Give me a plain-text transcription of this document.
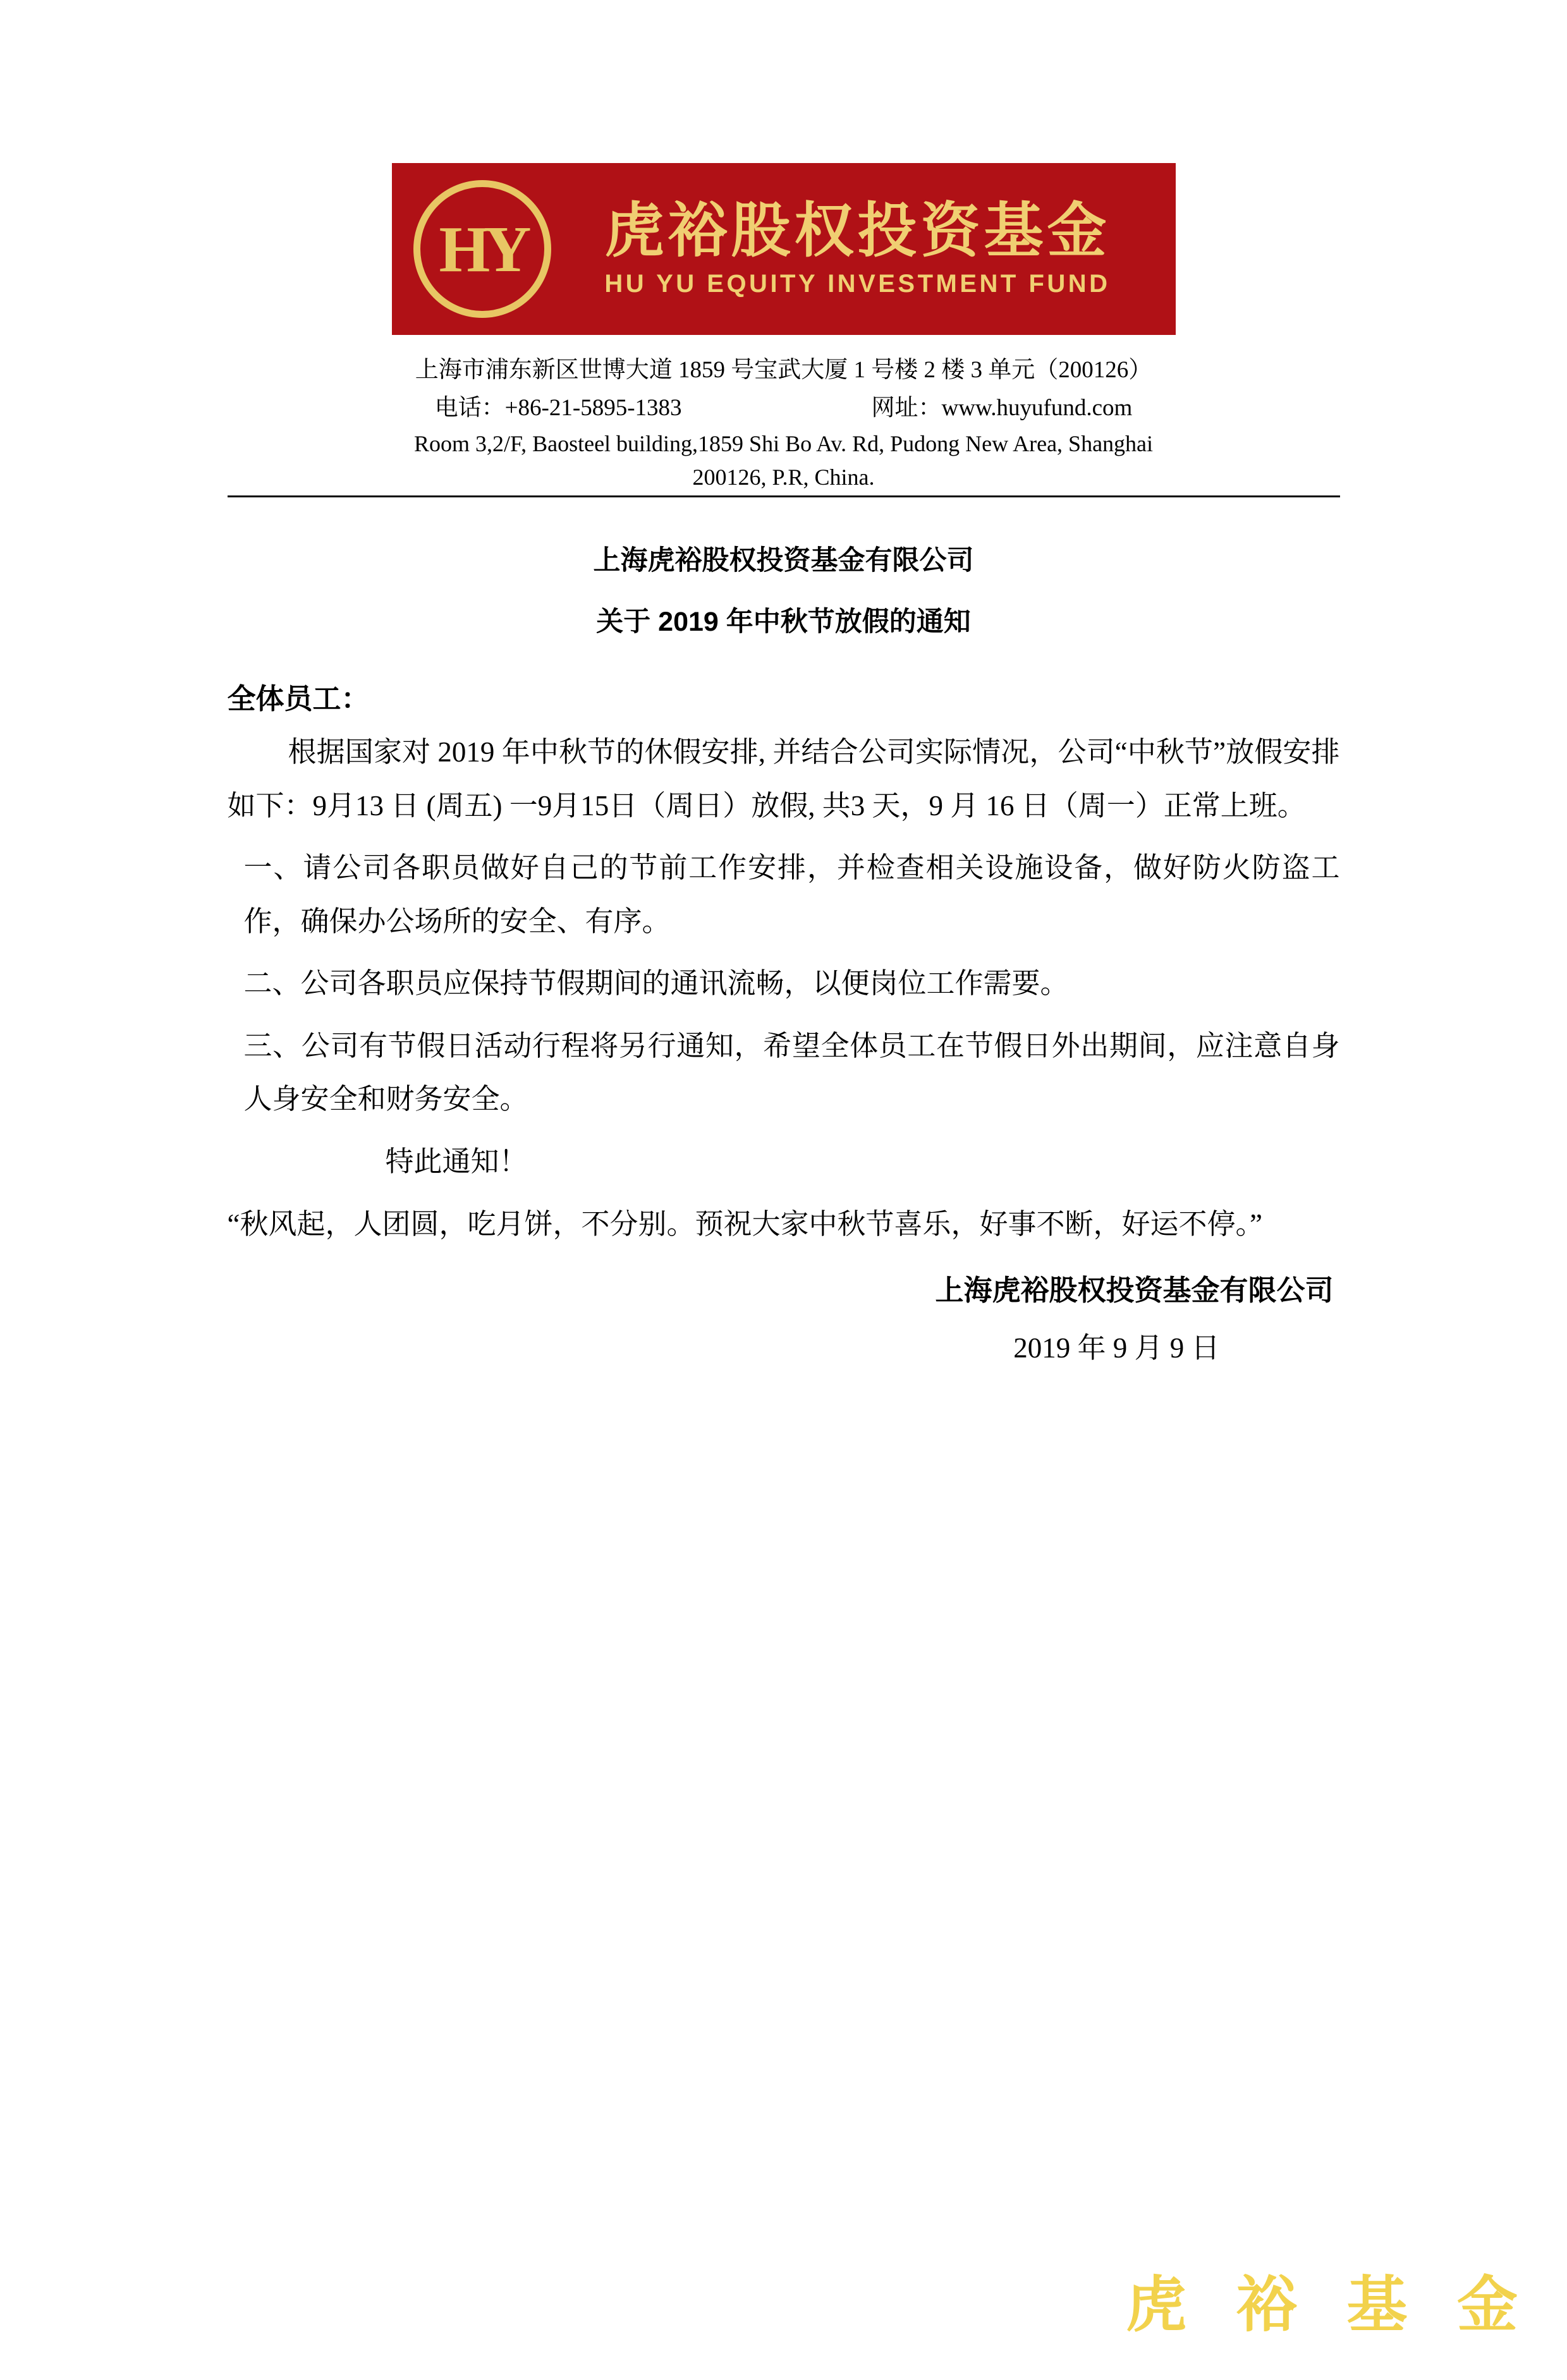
HY	虎裕股权投资基金
HU YU EQUITY INVESTMENT FUND
上海市浦东新区世博大道 1859 号宝武大厦 1 号楼 2 楼 3 单元（200126）
电话：+86-21-5895-1383	网址：www.huyufund.com
Room 3,2/F, Baosteel building,1859 Shi Bo Av. Rd, Pudong New Area, Shanghai
200126, P.R, China.
上海虎裕股权投资基金有限公司
关于 2019 年中秋节放假的通知
全体员工：
根据国家对 2019 年中秋节的休假安排, 并结合公司实际情况，公司“中秋节”放假安排如下：9月13 日 (周五) 一9月15日（周日）放假, 共3 天，9 月 16 日（周一）正常上班。
一、请公司各职员做好自己的节前工作安排，并检查相关设施设备，做好防火防盗工作，确保办公场所的安全、有序。
二、公司各职员应保持节假期间的通讯流畅，以便岗位工作需要。
三、公司有节假日活动行程将另行通知，希望全体员工在节假日外出期间，应注意自身人身安全和财务安全。
特此通知！
“秋风起，人团圆，吃月饼，不分别。预祝大家中秋节喜乐，好事不断，好运不停。”
上海虎裕股权投资基金有限公司
2019 年 9 月 9 日
虎 裕 基 金
